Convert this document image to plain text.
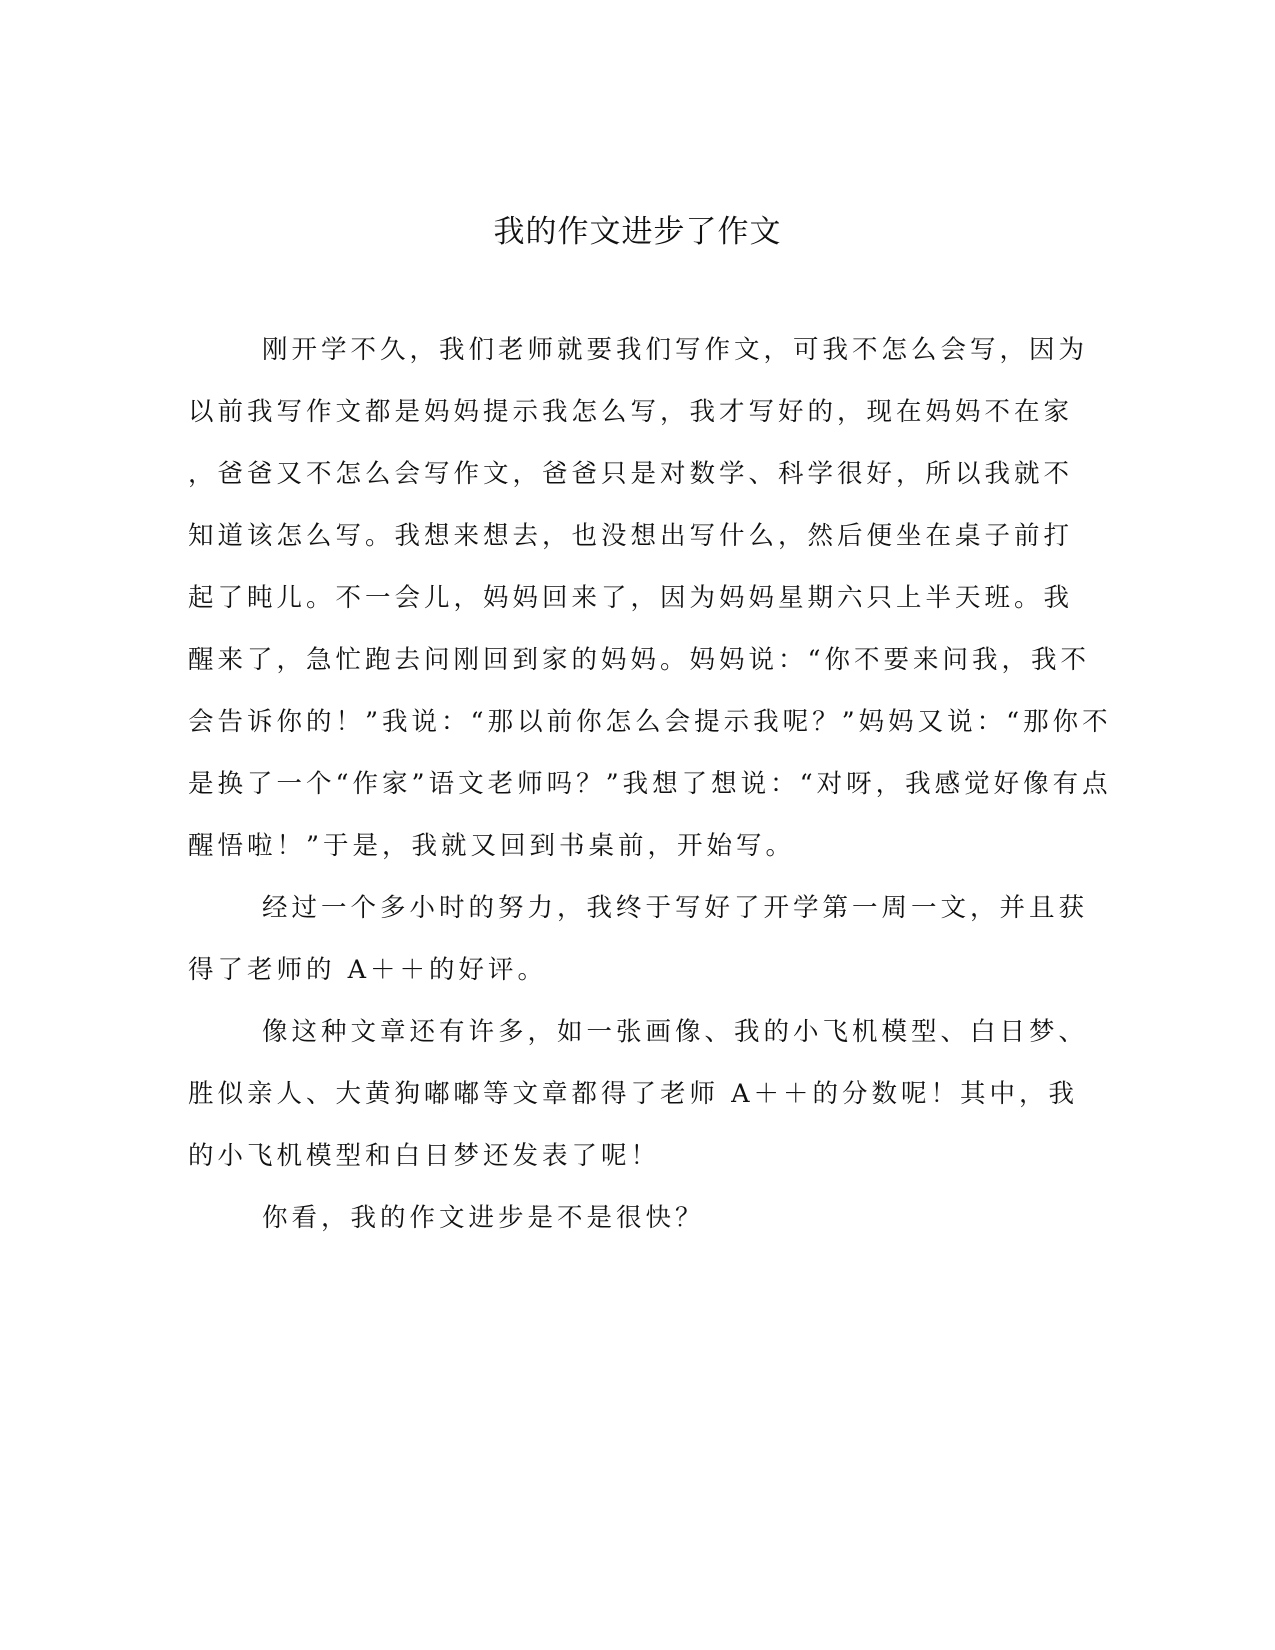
我的作文进步了作文
刚开学不久，我们老师就要我们写作文，可我不怎么会写，因为
以前我写作文都是妈妈提示我怎么写，我才写好的，现在妈妈不在家
，爸爸又不怎么会写作文，爸爸只是对数学、科学很好，所以我就不
知道该怎么写。我想来想去，也没想出写什么，然后便坐在桌子前打
起了盹儿。不一会儿，妈妈回来了，因为妈妈星期六只上半天班。我
醒来了，急忙跑去问刚回到家的妈妈。妈妈说：“你不要来问我，我不
会告诉你的！”我说：“那以前你怎么会提示我呢？”妈妈又说：“那你不
是换了一个“作家”语文老师吗？”我想了想说：“对呀，我感觉好像有点
醒悟啦！”于是，我就又回到书桌前，开始写。
经过一个多小时的努力，我终于写好了开学第一周一文，并且获
得了老师的 A＋＋的好评。
像这种文章还有许多，如一张画像、我的小飞机模型、白日梦、
胜似亲人、大黄狗嘟嘟等文章都得了老师 A＋＋的分数呢！其中，我
的小飞机模型和白日梦还发表了呢！
你看，我的作文进步是不是很快？
